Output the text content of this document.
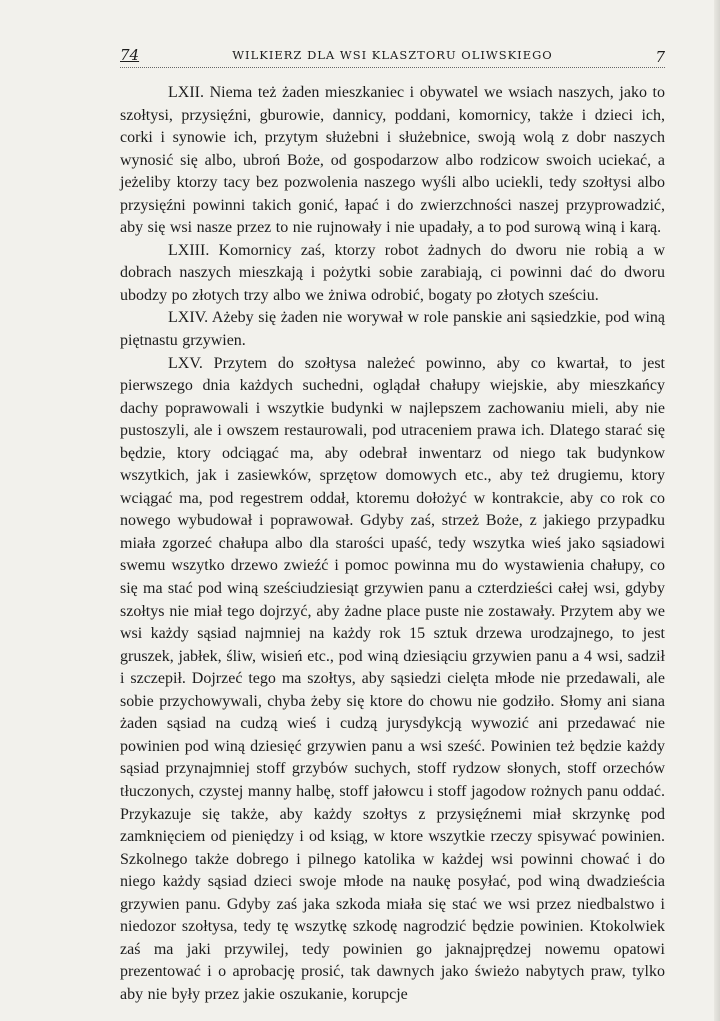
74	WILKIERZ DLA WSI KLASZTORU OLIWSKIEGO	7

LXII. Niema też żaden mieszkaniec i obywatel we wsiach naszych, jako to szołtysi, przysięźni, gburowie, dannicy, poddani, komornicy, także i dzieci ich, corki i synowie ich, przytym służebni i służebnice, swoją wolą z dobr naszych wynosić się albo, ubroń Boże, od gospodarzow albo rodzicow swoich uciekać, a jeżeliby ktorzy tacy bez pozwolenia naszego wyśli albo uciekli, tedy szołtysi albo przysięźni powinni takich gonić, łapać i do zwierzchności naszej przyprowadzić, aby się wsi nasze przez to nie rujnowały i nie upadały, a to pod surową winą i karą.

LXIII. Komornicy zaś, ktorzy robot żadnych do dworu nie robią a w dobrach naszych mieszkają i pożytki sobie zarabiają, ci powinni dać do dworu ubodzy po złotych trzy albo we żniwa odrobić, bogaty po złotych sześciu.

LXIV. Ażeby się żaden nie worywał w role panskie ani sąsiedzkie, pod winą piętnastu grzywien.

LXV. Przytem do szołtysa należeć powinno, aby co kwartał, to jest pierwszego dnia każdych suchedni, oglądał chałupy wiejskie, aby mieszkańcy dachy poprawowali i wszytkie budynki w najlepszem zachowaniu mieli, aby nie pustoszyli, ale i owszem restaurowali, pod utraceniem prawa ich. Dlatego starać się będzie, ktory odciągać ma, aby odebrał inwentarz od niego tak budynkow wszytkich, jak i zasiewków, sprzętow domowych etc., aby też drugiemu, ktory wciągać ma, pod regestrem oddał, ktoremu dołożyć w kontrakcie, aby co rok co nowego wybudował i poprawował. Gdyby zaś, strzeż Boże, z jakiego przypadku miała zgorzeć chałupa albo dla starości upaść, tedy wszytka wieś jako sąsiadowi swemu wszytko drzewo zwieźć i pomoc powinna mu do wystawienia chałupy, co się ma stać pod winą sześciudziesiąt grzywien panu a czterdzieści całej wsi, gdyby szołtys nie miał tego dojrzyć, aby żadne place puste nie zostawały. Przytem aby we wsi każdy sąsiad najmniej na każdy rok 15 sztuk drzewa urodzajnego, to jest gruszek, jabłek, śliw, wisień etc., pod winą dziesiąciu grzywien panu a 4 wsi, sadził i szczepił. Dojrzeć tego ma szołtys, aby sąsiedzi cielęta młode nie przedawali, ale sobie przychowywali, chyba żeby się ktore do chowu nie godziło. Słomy ani siana żaden sąsiad na cudzą wieś i cudzą jurysdykcją wywozić ani przedawać nie powinien pod winą dziesięć grzywien panu a wsi sześć. Powinien też będzie każdy sąsiad przynajmniej stoff grzybów suchych, stoff rydzow słonych, stoff orzechów tłuczonych, czystej manny halbę, stoff jałowcu i stoff jagodow rożnych panu oddać. Przykazuje się także, aby każdy szołtys z przysięźnemi miał skrzynkę pod zamknięciem od pieniędzy i od ksiąg, w ktore wszytkie rzeczy spisywać powinien. Szkolnego także dobrego i pilnego katolika w każdej wsi powinni chować i do niego każdy sąsiad dzieci swoje młode na naukę posyłać, pod winą dwadzieścia grzywien panu. Gdyby zaś jaka szkoda miała się stać we wsi przez niedbalstwo i niedozor szołtysa, tedy tę wszytkę szkodę nagrodzić będzie powinien. Ktokolwiek zaś ma jaki przywilej, tedy powinien go jaknajprędzej nowemu opatowi prezentować i o aprobację prosić, tak dawnych jako świeżo nabytych praw, tylko aby nie były przez jakie oszukanie, korupcje
